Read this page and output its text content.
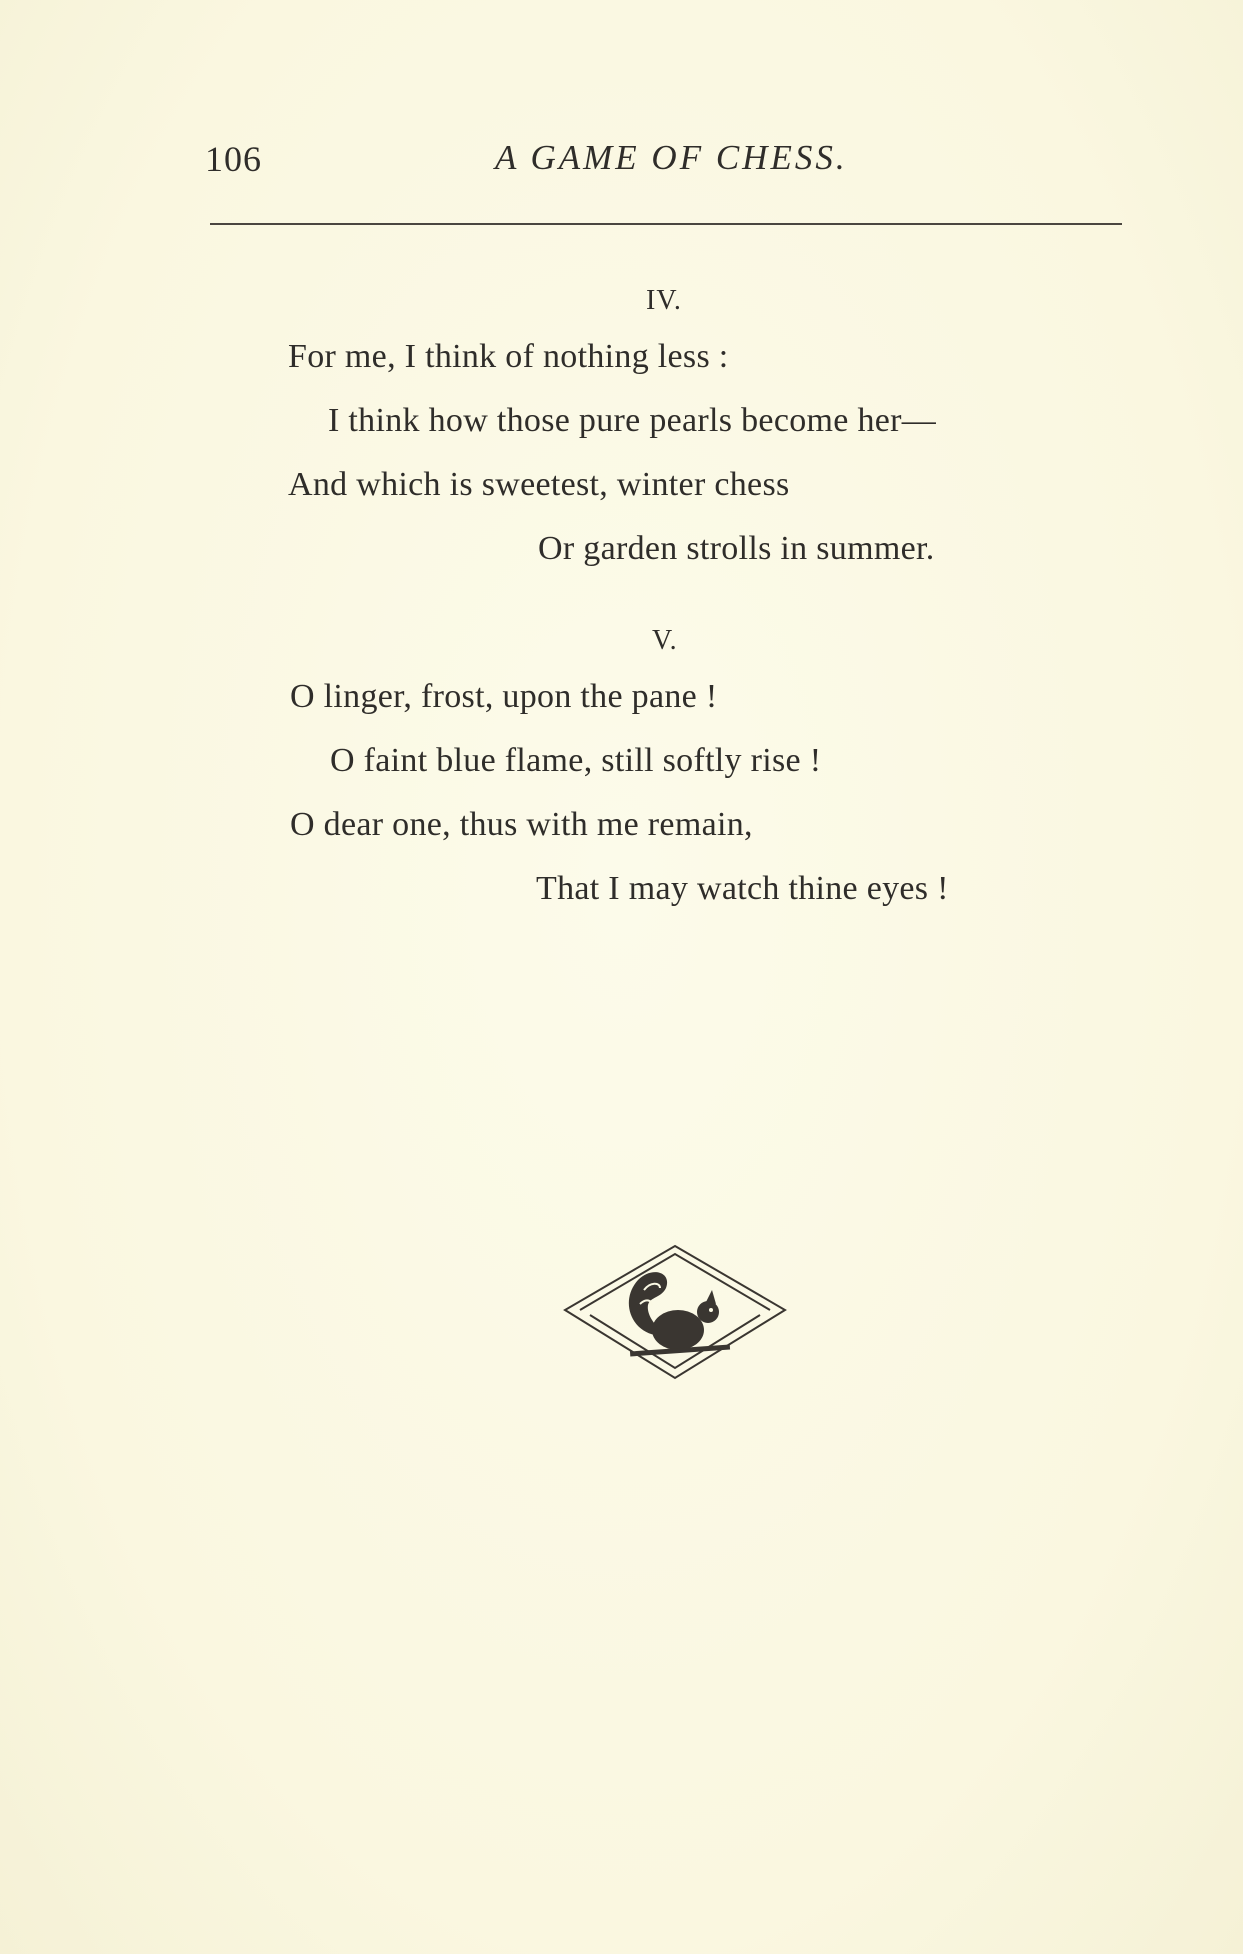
106	A GAME OF CHESS.
IV.
For me, I think of nothing less :
I think how those pure pearls become her—
And which is sweetest, winter chess
Or garden strolls in summer.
V.
O linger, frost, upon the pane !
O faint blue flame, still softly rise !
O dear one, thus with me remain,
That I may watch thine eyes !
